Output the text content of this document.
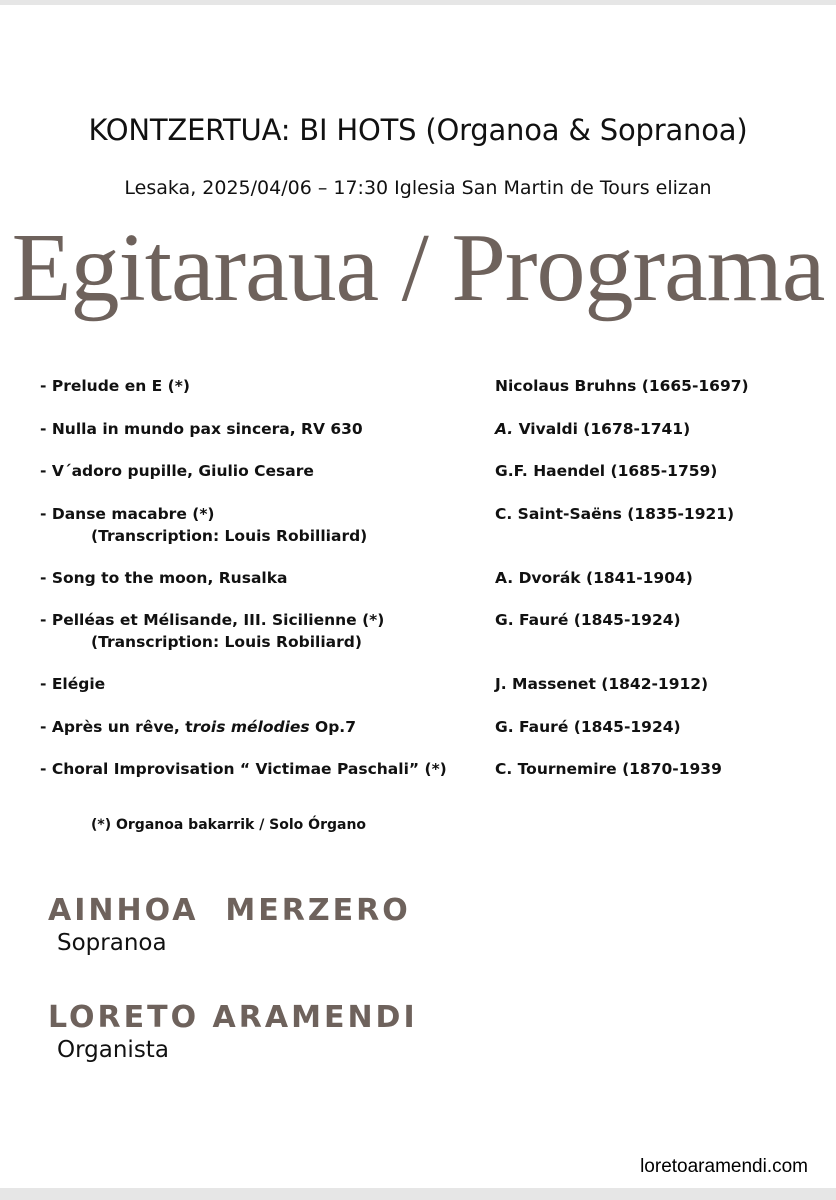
KONTZERTUA: BI HOTS (Organoa & Sopranoa)
Lesaka, 2025/04/06 – 17:30 Iglesia San Martin de Tours elizan
Egitaraua / Programa
- Prelude en E (*)	Nicolaus Bruhns (1665-1697)
- Nulla in mundo pax sincera, RV 630	A. Vivaldi (1678-1741)
- V´adoro pupille, Giulio Cesare	G.F. Haendel (1685-1759)
- Danse macabre (*)	C. Saint-Saëns (1835-1921)
(Transcription: Louis Robilliard)
- Song to the moon, Rusalka	A. Dvorák (1841-1904)
- Pelléas et Mélisande, III. Sicilienne (*)	G. Fauré (1845-1924)
(Transcription: Louis Robiliard)
- Elégie	J. Massenet (1842-1912)
- Après un rêve, trois mélodies Op.7	G. Fauré (1845-1924)
- Choral Improvisation “ Victimae Paschali” (*)	C. Tournemire (1870-1939
(*) Organoa bakarrik / Solo Órgano
AINHOA  MERZERO
Sopranoa
LORETO ARAMENDI
Organista
loretoaramendi.com
